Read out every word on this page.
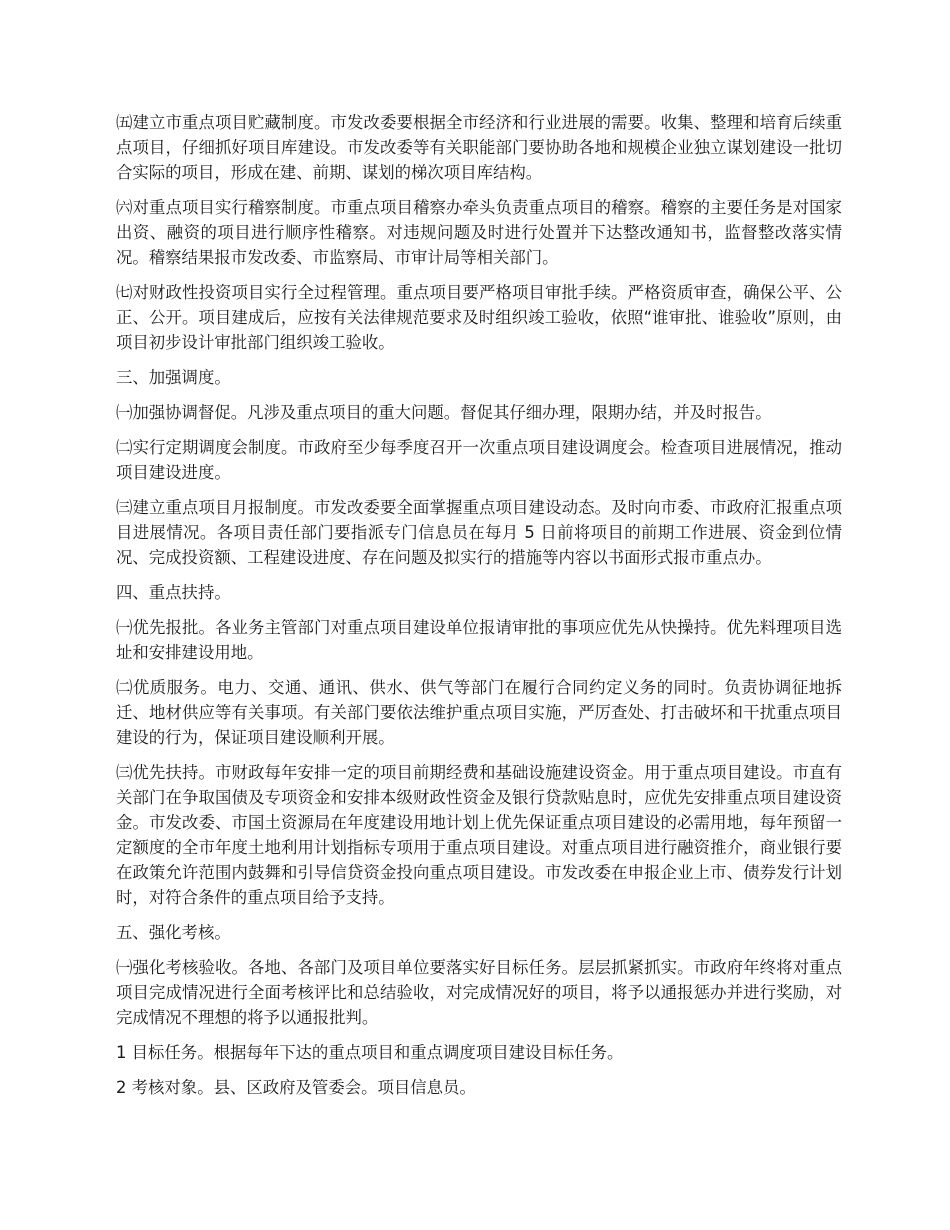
㈤建立市重点项目贮藏制度。市发改委要根据全市经济和行业进展的需要。收集、整理和培育后续重点项目，仔细抓好项目库建设。市发改委等有关职能部门要协助各地和规模企业独立谋划建设一批切合实际的项目，形成在建、前期、谋划的梯次项目库结构。

㈥对重点项目实行稽察制度。市重点项目稽察办牵头负责重点项目的稽察。稽察的主要任务是对国家出资、融资的项目进行顺序性稽察。对违规问题及时进行处置并下达整改通知书，监督整改落实情况。稽察结果报市发改委、市监察局、市审计局等相关部门。

㈦对财政性投资项目实行全过程管理。重点项目要严格项目审批手续。严格资质审查，确保公平、公正、公开。项目建成后，应按有关法律规范要求及时组织竣工验收，依照“谁审批、谁验收”原则，由项目初步设计审批部门组织竣工验收。

三、加强调度。

㈠加强协调督促。凡涉及重点项目的重大问题。督促其仔细办理，限期办结，并及时报告。

㈡实行定期调度会制度。市政府至少每季度召开一次重点项目建设调度会。检查项目进展情况，推动项目建设进度。

㈢建立重点项目月报制度。市发改委要全面掌握重点项目建设动态。及时向市委、市政府汇报重点项目进展情况。各项目责任部门要指派专门信息员在每月 5 日前将项目的前期工作进展、资金到位情况、完成投资额、工程建设进度、存在问题及拟实行的措施等内容以书面形式报市重点办。

四、重点扶持。

㈠优先报批。各业务主管部门对重点项目建设单位报请审批的事项应优先从快操持。优先料理项目选址和安排建设用地。

㈡优质服务。电力、交通、通讯、供水、供气等部门在履行合同约定义务的同时。负责协调征地拆迁、地材供应等有关事项。有关部门要依法维护重点项目实施，严厉查处、打击破坏和干扰重点项目建设的行为，保证项目建设顺利开展。

㈢优先扶持。市财政每年安排一定的项目前期经费和基础设施建设资金。用于重点项目建设。市直有关部门在争取国债及专项资金和安排本级财政性资金及银行贷款贴息时，应优先安排重点项目建设资金。市发改委、市国土资源局在年度建设用地计划上优先保证重点项目建设的必需用地，每年预留一定额度的全市年度土地利用计划指标专项用于重点项目建设。对重点项目进行融资推介，商业银行要在政策允许范围内鼓舞和引导信贷资金投向重点项目建设。市发改委在申报企业上市、债券发行计划时，对符合条件的重点项目给予支持。

五、强化考核。

㈠强化考核验收。各地、各部门及项目单位要落实好目标任务。层层抓紧抓实。市政府年终将对重点项目完成情况进行全面考核评比和总结验收，对完成情况好的项目，将予以通报惩办并进行奖励，对完成情况不理想的将予以通报批判。

1 目标任务。根据每年下达的重点项目和重点调度项目建设目标任务。

2 考核对象。县、区政府及管委会。项目信息员。
